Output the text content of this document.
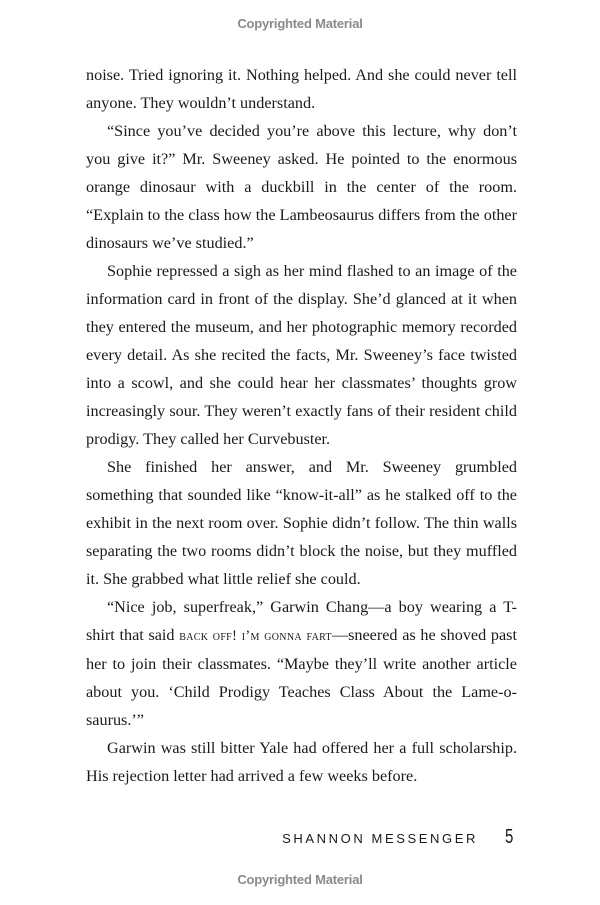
Copyrighted Material

noise. Tried ignoring it. Nothing helped. And she could never tell anyone. They wouldn’t understand.

“Since you’ve decided you’re above this lecture, why don’t you give it?” Mr. Sweeney asked. He pointed to the enormous orange dinosaur with a duckbill in the center of the room. “Explain to the class how the Lambeosaurus differs from the other dinosaurs we’ve studied.”

Sophie repressed a sigh as her mind flashed to an image of the information card in front of the display. She’d glanced at it when they entered the museum, and her photographic memory recorded every detail. As she recited the facts, Mr. Sweeney’s face twisted into a scowl, and she could hear her classmates’ thoughts grow increasingly sour. They weren’t exactly fans of their resident child prodigy. They called her Curvebuster.

She finished her answer, and Mr. Sweeney grumbled something that sounded like “know-it-all” as he stalked off to the exhibit in the next room over. Sophie didn’t follow. The thin walls separating the two rooms didn’t block the noise, but they muffled it. She grabbed what little relief she could.

“Nice job, superfreak,” Garwin Chang—a boy wearing a T-shirt that said back off! i’m gonna fart—sneered as he shoved past her to join their classmates. “Maybe they’ll write another article about you. ‘Child Prodigy Teaches Class About the Lame-o-saurus.’”

Garwin was still bitter Yale had offered her a full scholarship. His rejection letter had arrived a few weeks before.

SHANNON MESSENGER 5
Copyrighted Material
